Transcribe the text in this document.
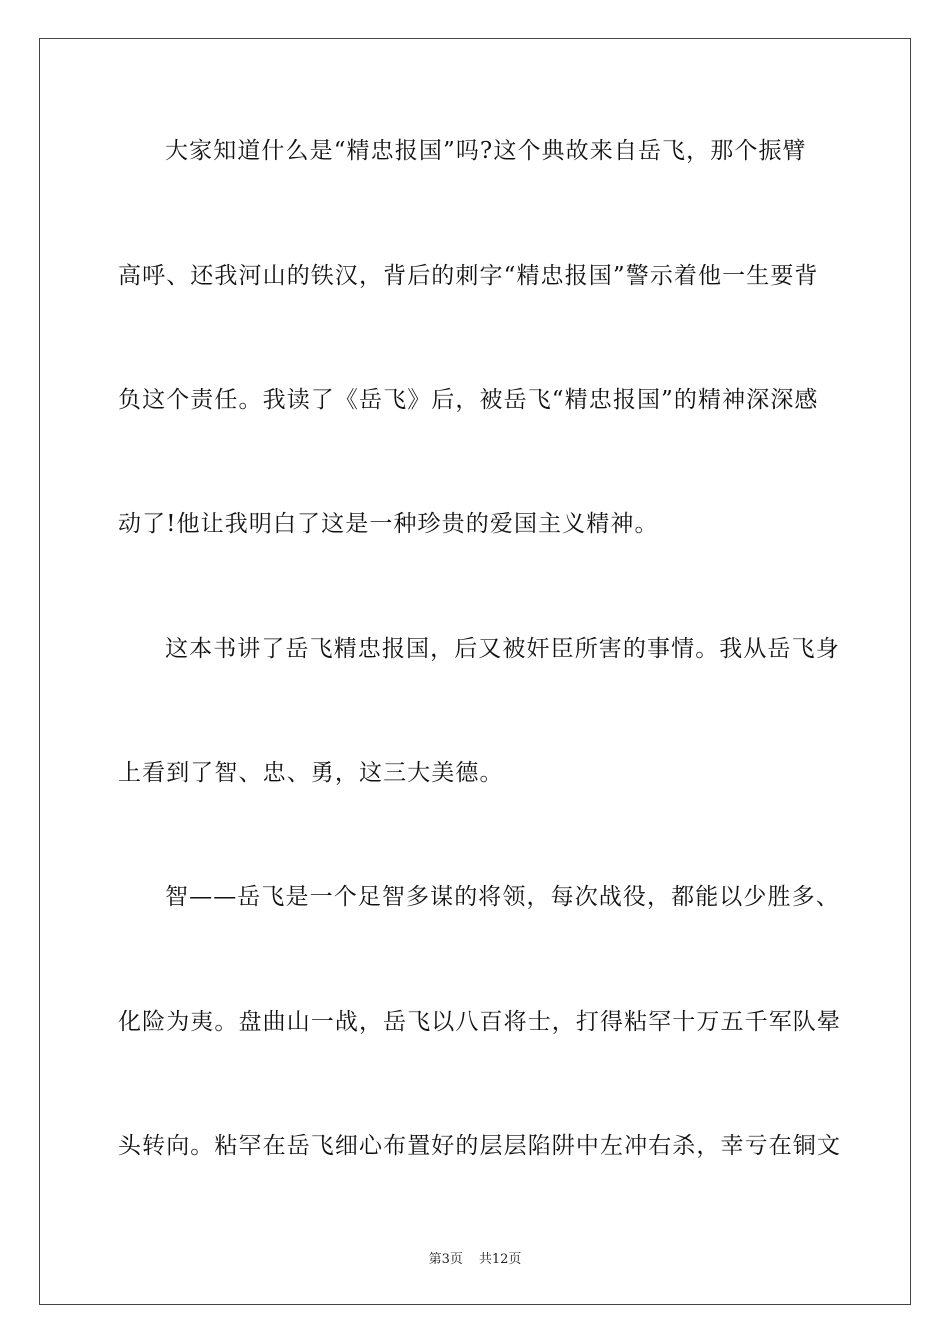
大家知道什么是“精忠报国”吗?这个典故来自岳飞，那个振臂
高呼、还我河山的铁汉，背后的刺字“精忠报国”警示着他一生要背
负这个责任。我读了《岳飞》后，被岳飞“精忠报国”的精神深深感
动了!他让我明白了这是一种珍贵的爱国主义精神。
这本书讲了岳飞精忠报国，后又被奸臣所害的事情。我从岳飞身
上看到了智、忠、勇，这三大美德。
智——岳飞是一个足智多谋的将领，每次战役，都能以少胜多、
化险为夷。盘曲山一战，岳飞以八百将士，打得粘罕十万五千军队晕
头转向。粘罕在岳飞细心布置好的层层陷阱中左冲右杀，幸亏在铜文
第3页 共12页
